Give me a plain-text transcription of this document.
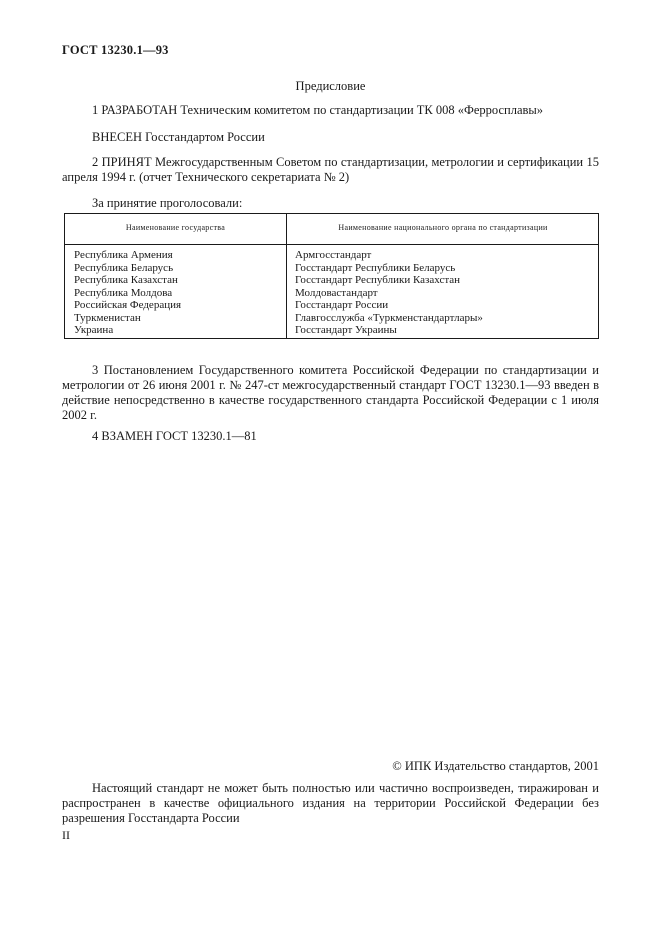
ГОСТ 13230.1—93
Предисловие
1 РАЗРАБОТАН Техническим комитетом по стандартизации ТК 008 «Ферросплавы»
ВНЕСЕН Госстандартом России
2 ПРИНЯТ Межгосударственным Советом по стандартизации, метрологии и сертификации 15 апреля 1994 г. (отчет Технического секретариата № 2)
За принятие проголосовали:
Наименование государства	Наименование национального органа по стандартизации
Республика Армения	Армгосстандарт
Республика Беларусь	Госстандарт Республики Беларусь
Республика Казахстан	Госстандарт Республики Казахстан
Республика Молдова	Молдовастандарт
Российская Федерация	Госстандарт России
Туркменистан	Главгосслужба «Туркменстандартлары»
Украина	Госстандарт Украины
3 Постановлением Государственного комитета Российской Федерации по стандартизации и метрологии от 26 июня 2001 г. № 247-ст межгосударственный стандарт ГОСТ 13230.1—93 введен в действие непосредственно в качестве государственного стандарта Российской Федерации с 1 июля 2002 г.
4 ВЗАМЕН ГОСТ 13230.1—81
© ИПК Издательство стандартов, 2001
Настоящий стандарт не может быть полностью или частично воспроизведен, тиражирован и распространен в качестве официального издания на территории Российской Федерации без разрешения Госстандарта России
II
